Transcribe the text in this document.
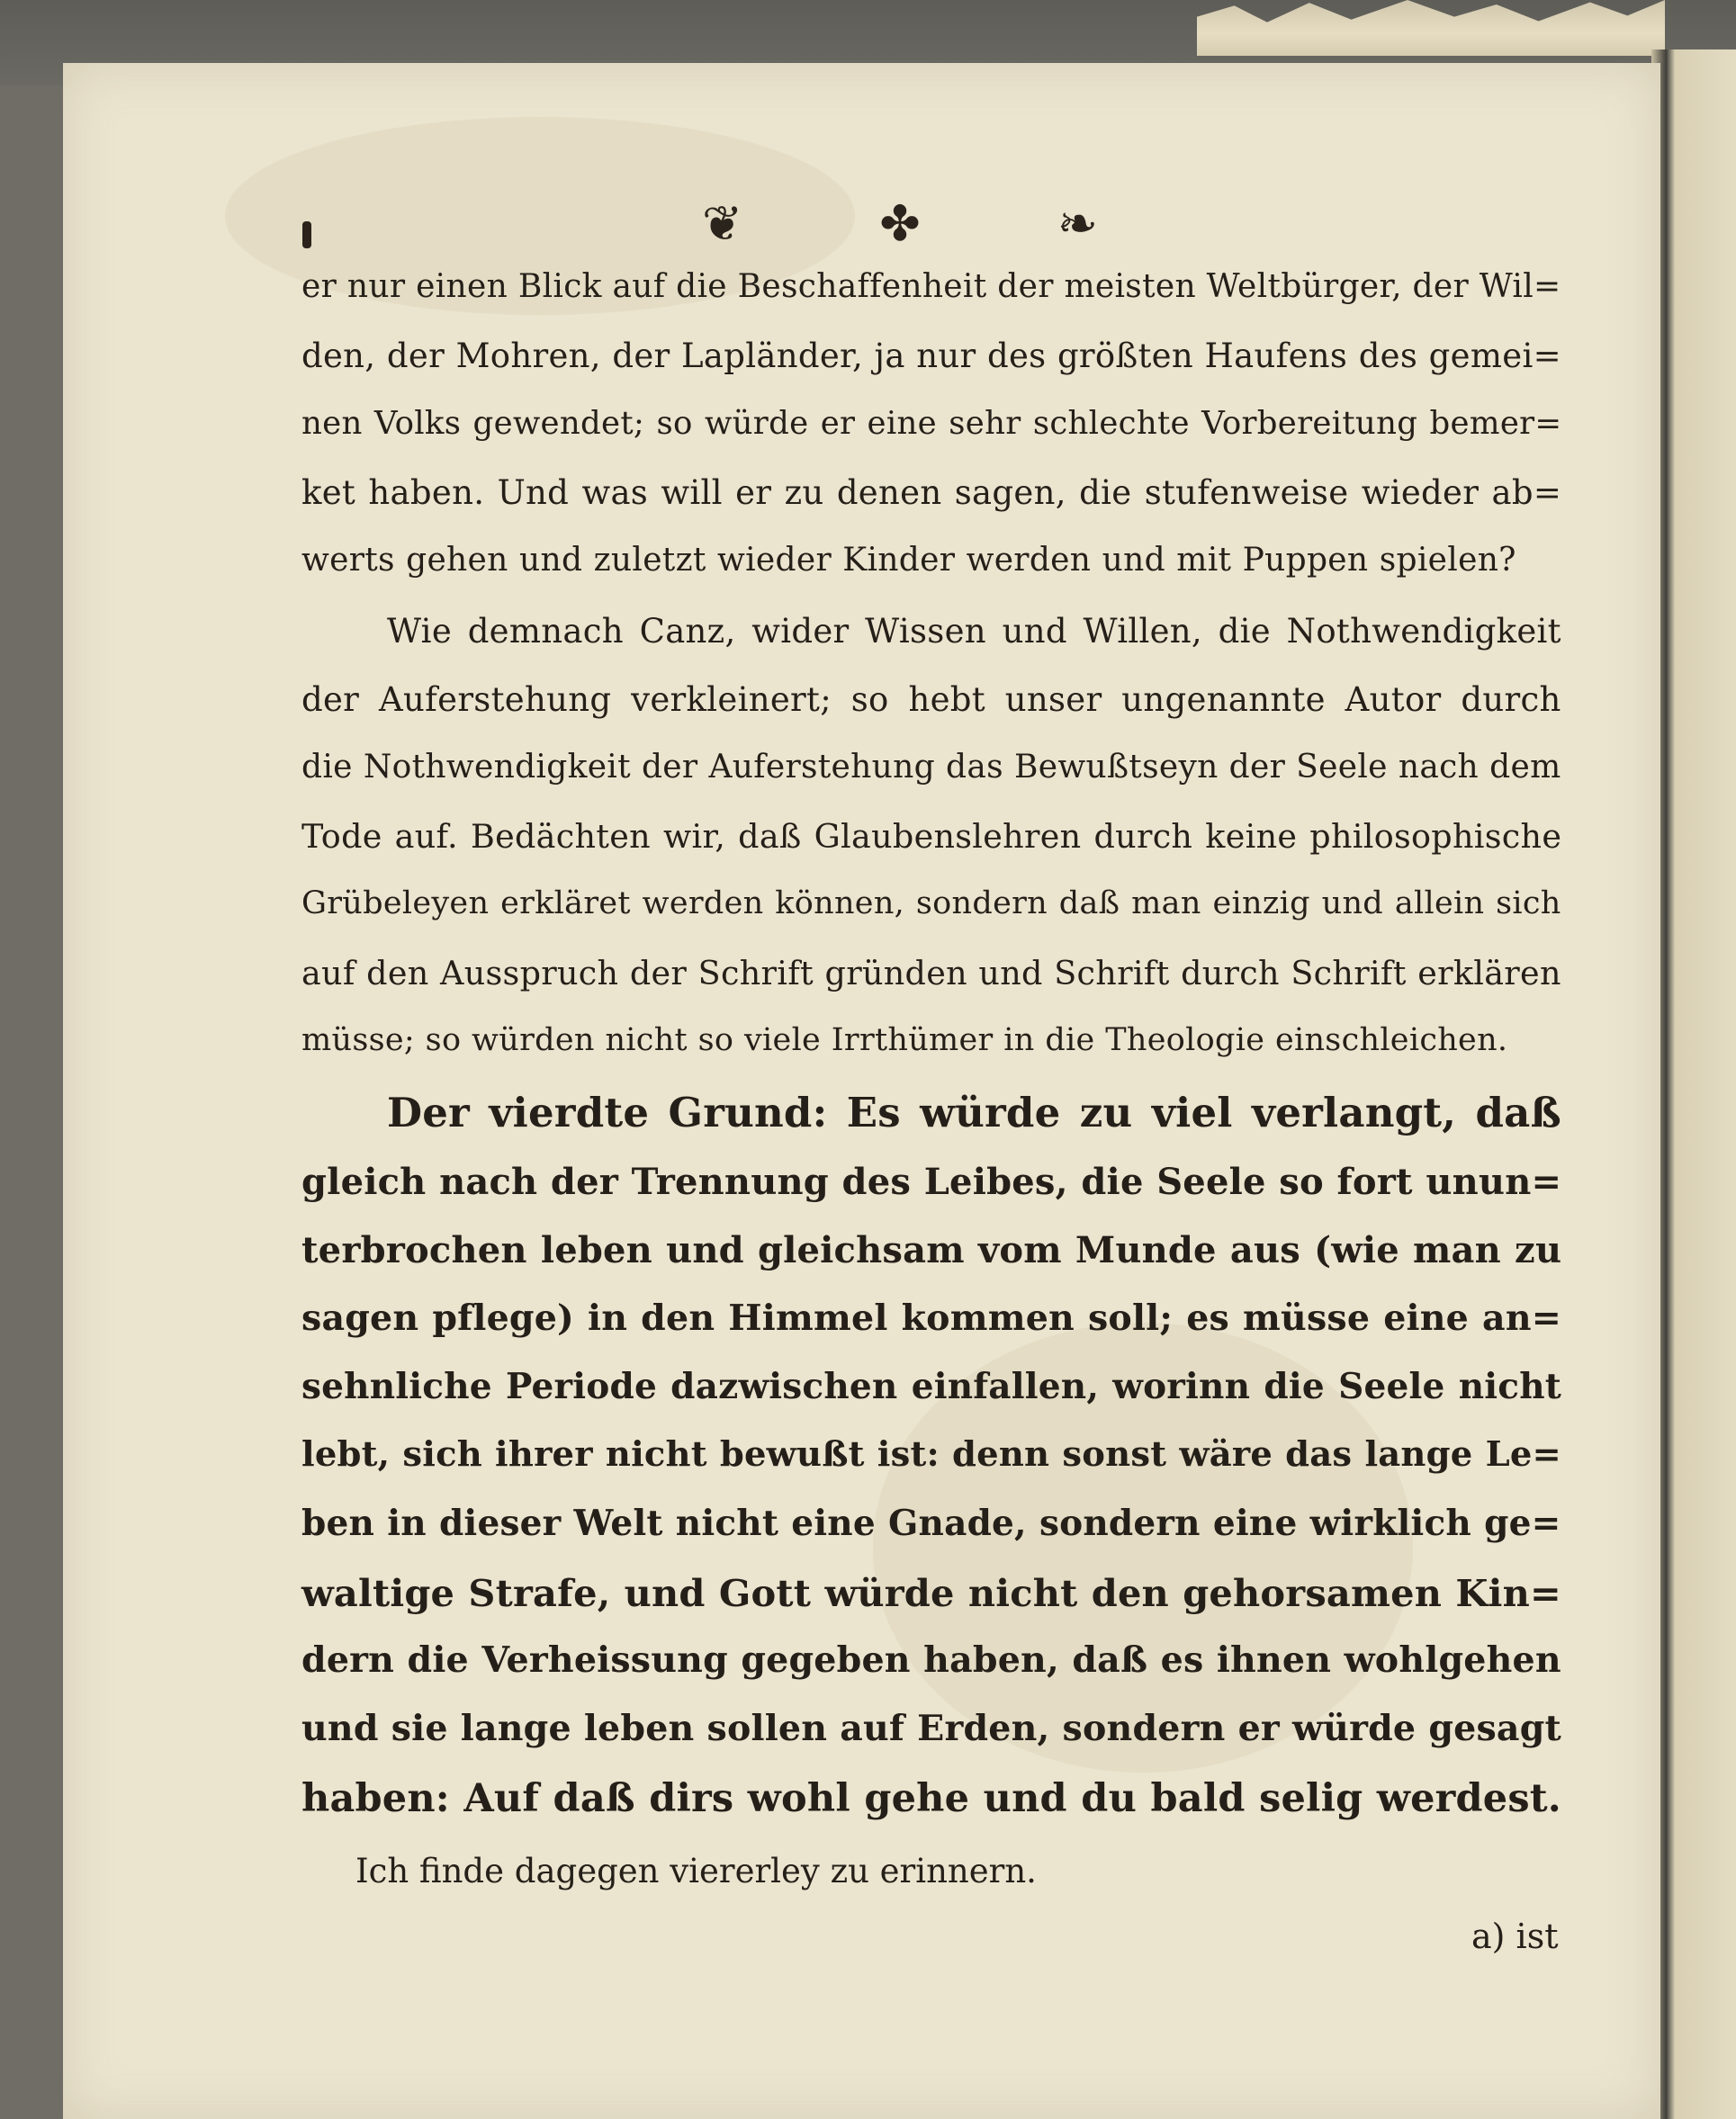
❦	✤	❧
er nur einen Blick auf die Beschaffenheit der meisten Weltbürger, der Wil=
den, der Mohren, der Lapländer, ja nur des größten Haufens des gemei=
nen Volks gewendet; so würde er eine sehr schlechte Vorbereitung bemer=
ket haben. Und was will er zu denen sagen, die stufenweise wieder ab=
werts gehen und zuletzt wieder Kinder werden und mit Puppen spielen?
Wie demnach Canz, wider Wissen und Willen, die Nothwendigkeit
der Auferstehung verkleinert; so hebt unser ungenannte Autor durch
die Nothwendigkeit der Auferstehung das Bewußtseyn der Seele nach dem
Tode auf. Bedächten wir, daß Glaubenslehren durch keine philosophische
Grübeleyen erkläret werden können, sondern daß man einzig und allein sich
auf den Ausspruch der Schrift gründen und Schrift durch Schrift erklären
müsse; so würden nicht so viele Irrthümer in die Theologie einschleichen.
Der vierdte Grund: Es würde zu viel verlangt, daß
gleich nach der Trennung des Leibes, die Seele so fort unun=
terbrochen leben und gleichsam vom Munde aus (wie man zu
sagen pflege) in den Himmel kommen soll; es müsse eine an=
sehnliche Periode dazwischen einfallen, worinn die Seele nicht
lebt, sich ihrer nicht bewußt ist: denn sonst wäre das lange Le=
ben in dieser Welt nicht eine Gnade, sondern eine wirklich ge=
waltige Strafe, und Gott würde nicht den gehorsamen Kin=
dern die Verheissung gegeben haben, daß es ihnen wohlgehen
und sie lange leben sollen auf Erden, sondern er würde gesagt
haben: Auf daß dirs wohl gehe und du bald selig werdest.
Ich finde dagegen viererley zu erinnern.
a) ist
